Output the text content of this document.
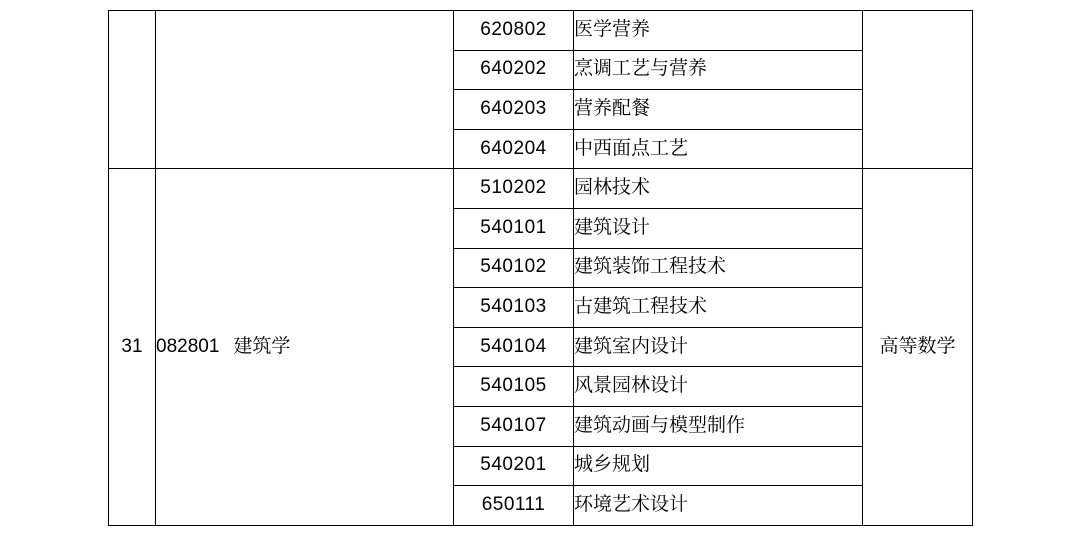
		620802	医学营养	
		640202	烹调工艺与营养	
		640203	营养配餐	
		640204	中西面点工艺	
31	082801 建筑学	510202	园林技术	高等数学
		540101	建筑设计	
		540102	建筑装饰工程技术	
		540103	古建筑工程技术	
		540104	建筑室内设计	
		540105	风景园林设计	
		540107	建筑动画与模型制作	
		540201	城乡规划	
		650111	环境艺术设计	
